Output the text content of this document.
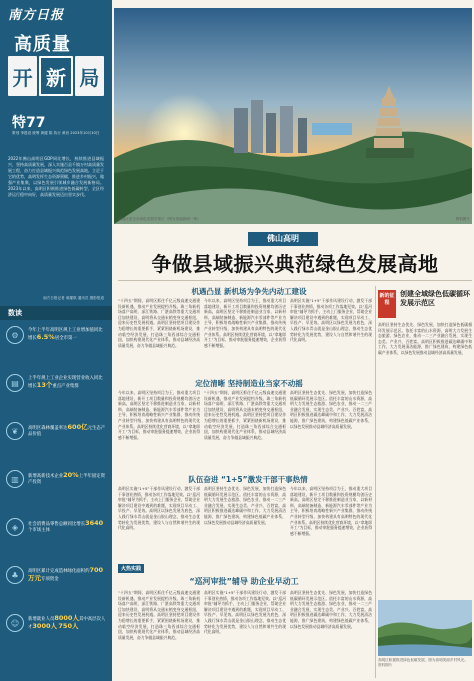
南方日报
高质量
开 新 局
特77
策划 李建设 统筹 黄健 陈 执行 黄岩 2023年10月10日
2022年佛山高明区GDP同比增长，持续推进县域振兴，坚持高质量发展，深入实施百县千镇万村高质量发展工程，奋力打造县域振兴典范绿色发展高地。立足于它的优势，高明发挥生态资源禀赋，推进乡村振兴，做强产业集聚，以绿色发展引领城乡融合发展新格局。2023年以来，高明区积极推进绿色低碳转型，全区经济运行稳中向好，高质量发展迈出坚实步伐。
南方日报记者 戚耀琪 通讯员 摄影报道
数读
⚙	今年上半年高明区规上工业增加值同比增长6.5%居全市第一
▤	上半年规上工业企业实现营业收入同比增长13个重点产业集群
❦	高明区森林覆盖率达600亿元生态产品价值
▥	新增高新技术企业20%上半年固定资产投资
◈	社会消费品零售总额同比增长3640个市场主体
♣	高明区累计完成造林绿化面积约700万元专项资金
☺	新增就业人员8000人其中高层次人才3000人 750人
高明区是全市绿色发展引领区（图为美丽高明一角）	资料图片
佛山高明
争做县域振兴典范绿色发展高地
机遇凸显 新机场为争先内动工建设
“十四五”期间，高明区抓住千亿元级高速交通建设新机遇，推动产业发展提档升级。珠三角新机场落户高明，深江铁路、广湛高铁等重大交通项目加快建设，高明将从交通末梢变身交通枢纽，迎来历史性发展机遇。高明区坚持把项目建设作为稳增长的重要抓手，紧紧围绕新机场建设，推动临空经济发展，打造珠三角西部综合交通枢纽，加快构建现代化产业体系，推动县域经济高质量发展，奋力争做县域振兴典范。
今年以来，高明区坚持项目为王，推动重大项目落地建设，新开工项目数量和投资规模均创历史新高。高明区坚定不移推进制造业当家，以新材料、高端装备制造、新能源汽车零部件等产业为主导，积极培育战略性新兴产业集群，推动传统产业转型升级，加快构建具有高明特色的现代化产业体系。高明区持续优化营商环境，以“拿地即开工”为目标，推动审批服务提速增效，企业获得感不断增强。
高明区实施“1+5”干部作风建设行动，激发干部干事创业热情，推动各项工作落地见效。以“巡河审批”辅导为抓手，主动上门服务企业，帮助企业解决项目建设中遇到的难题，实现项目早动工、早投产、早见效。高明区以绿色发展为底色，深入践行绿水青山就是金山银山理念，推动生态优势转化为发展优势，建设人与自然和谐共生的现代化高明。
定位清晰 坚持制造业当家不动摇
今年以来，高明区坚持项目为王，推动重大项目落地建设，新开工项目数量和投资规模均创历史新高。高明区坚定不移推进制造业当家，以新材料、高端装备制造、新能源汽车零部件等产业为主导，积极培育战略性新兴产业集群，推动传统产业转型升级，加快构建具有高明特色的现代化产业体系。高明区持续优化营商环境，以“拿地即开工”为目标，推动审批服务提速增效，企业获得感不断增强。
“十四五”期间，高明区抓住千亿元级高速交通建设新机遇，推动产业发展提档升级。珠三角新机场落户高明，深江铁路、广湛高铁等重大交通项目加快建设，高明将从交通末梢变身交通枢纽，迎来历史性发展机遇。高明区坚持把项目建设作为稳增长的重要抓手，紧紧围绕新机场建设，推动临空经济发展，打造珠三角西部综合交通枢纽，加快构建现代化产业体系，推动县域经济高质量发展，奋力争做县域振兴典范。
高明区坚持生态优先、绿色发展，加快打造绿色低碳循环发展示范区。依托丰富的山水资源，高明大力发展生态旅游、绿色农业，推动一二三产业融合发展，实现生态美、产业兴、百姓富。高明区积极推进碳达峰碳中和工作，大力发展清洁能源，推广绿色建筑，构建绿色低碳产业体系，以绿色发展推动县域经济高质量发展。
队伍奋进 “1+5”激发干部干事热情
高明区实施“1+5”干部作风建设行动，激发干部干事创业热情，推动各项工作落地见效。以“巡河审批”辅导为抓手，主动上门服务企业，帮助企业解决项目建设中遇到的难题，实现项目早动工、早投产、早见效。高明区以绿色发展为底色，深入践行绿水青山就是金山银山理念，推动生态优势转化为发展优势，建设人与自然和谐共生的现代化高明。
高明区坚持生态优先、绿色发展，加快打造绿色低碳循环发展示范区。依托丰富的山水资源，高明大力发展生态旅游、绿色农业，推动一二三产业融合发展，实现生态美、产业兴、百姓富。高明区积极推进碳达峰碳中和工作，大力发展清洁能源，推广绿色建筑，构建绿色低碳产业体系，以绿色发展推动县域经济高质量发展。
今年以来，高明区坚持项目为王，推动重大项目落地建设，新开工项目数量和投资规模均创历史新高。高明区坚定不移推进制造业当家，以新材料、高端装备制造、新能源汽车零部件等产业为主导，积极培育战略性新兴产业集群，推动传统产业转型升级，加快构建具有高明特色的现代化产业体系。高明区持续优化营商环境，以“拿地即开工”为目标，推动审批服务提速增效，企业获得感不断增强。
火热实践
“巡河审批”辅导 助企业早动工
“十四五”期间，高明区抓住千亿元级高速交通建设新机遇，推动产业发展提档升级。珠三角新机场落户高明，深江铁路、广湛高铁等重大交通项目加快建设，高明将从交通末梢变身交通枢纽，迎来历史性发展机遇。高明区坚持把项目建设作为稳增长的重要抓手，紧紧围绕新机场建设，推动临空经济发展，打造珠三角西部综合交通枢纽，加快构建现代化产业体系，推动县域经济高质量发展，奋力争做县域振兴典范。
高明区实施“1+5”干部作风建设行动，激发干部干事创业热情，推动各项工作落地见效。以“巡河审批”辅导为抓手，主动上门服务企业，帮助企业解决项目建设中遇到的难题，实现项目早动工、早投产、早见效。高明区以绿色发展为底色，深入践行绿水青山就是金山银山理念，推动生态优势转化为发展优势，建设人与自然和谐共生的现代化高明。
高明区坚持生态优先、绿色发展，加快打造绿色低碳循环发展示范区。依托丰富的山水资源，高明大力发展生态旅游、绿色农业，推动一二三产业融合发展，实现生态美、产业兴、百姓富。高明区积极推进碳达峰碳中和工作，大力发展清洁能源，推广绿色建筑，构建绿色低碳产业体系，以绿色发展推动县域经济高质量发展。
新的征程
创建全域绿色低碳循环发展示范区
高明区坚持生态优先、绿色发展，加快打造绿色低碳循环发展示范区。依托丰富的山水资源，高明大力发展生态旅游、绿色农业，推动一二三产业融合发展，实现生态美、产业兴、百姓富。高明区积极推进碳达峰碳中和工作，大力发展清洁能源，推广绿色建筑，构建绿色低碳产业体系，以绿色发展推动县域经济高质量发展。
高明区积极推进绿色低碳发展，图为高明美丽乡村风光。 资料图片
